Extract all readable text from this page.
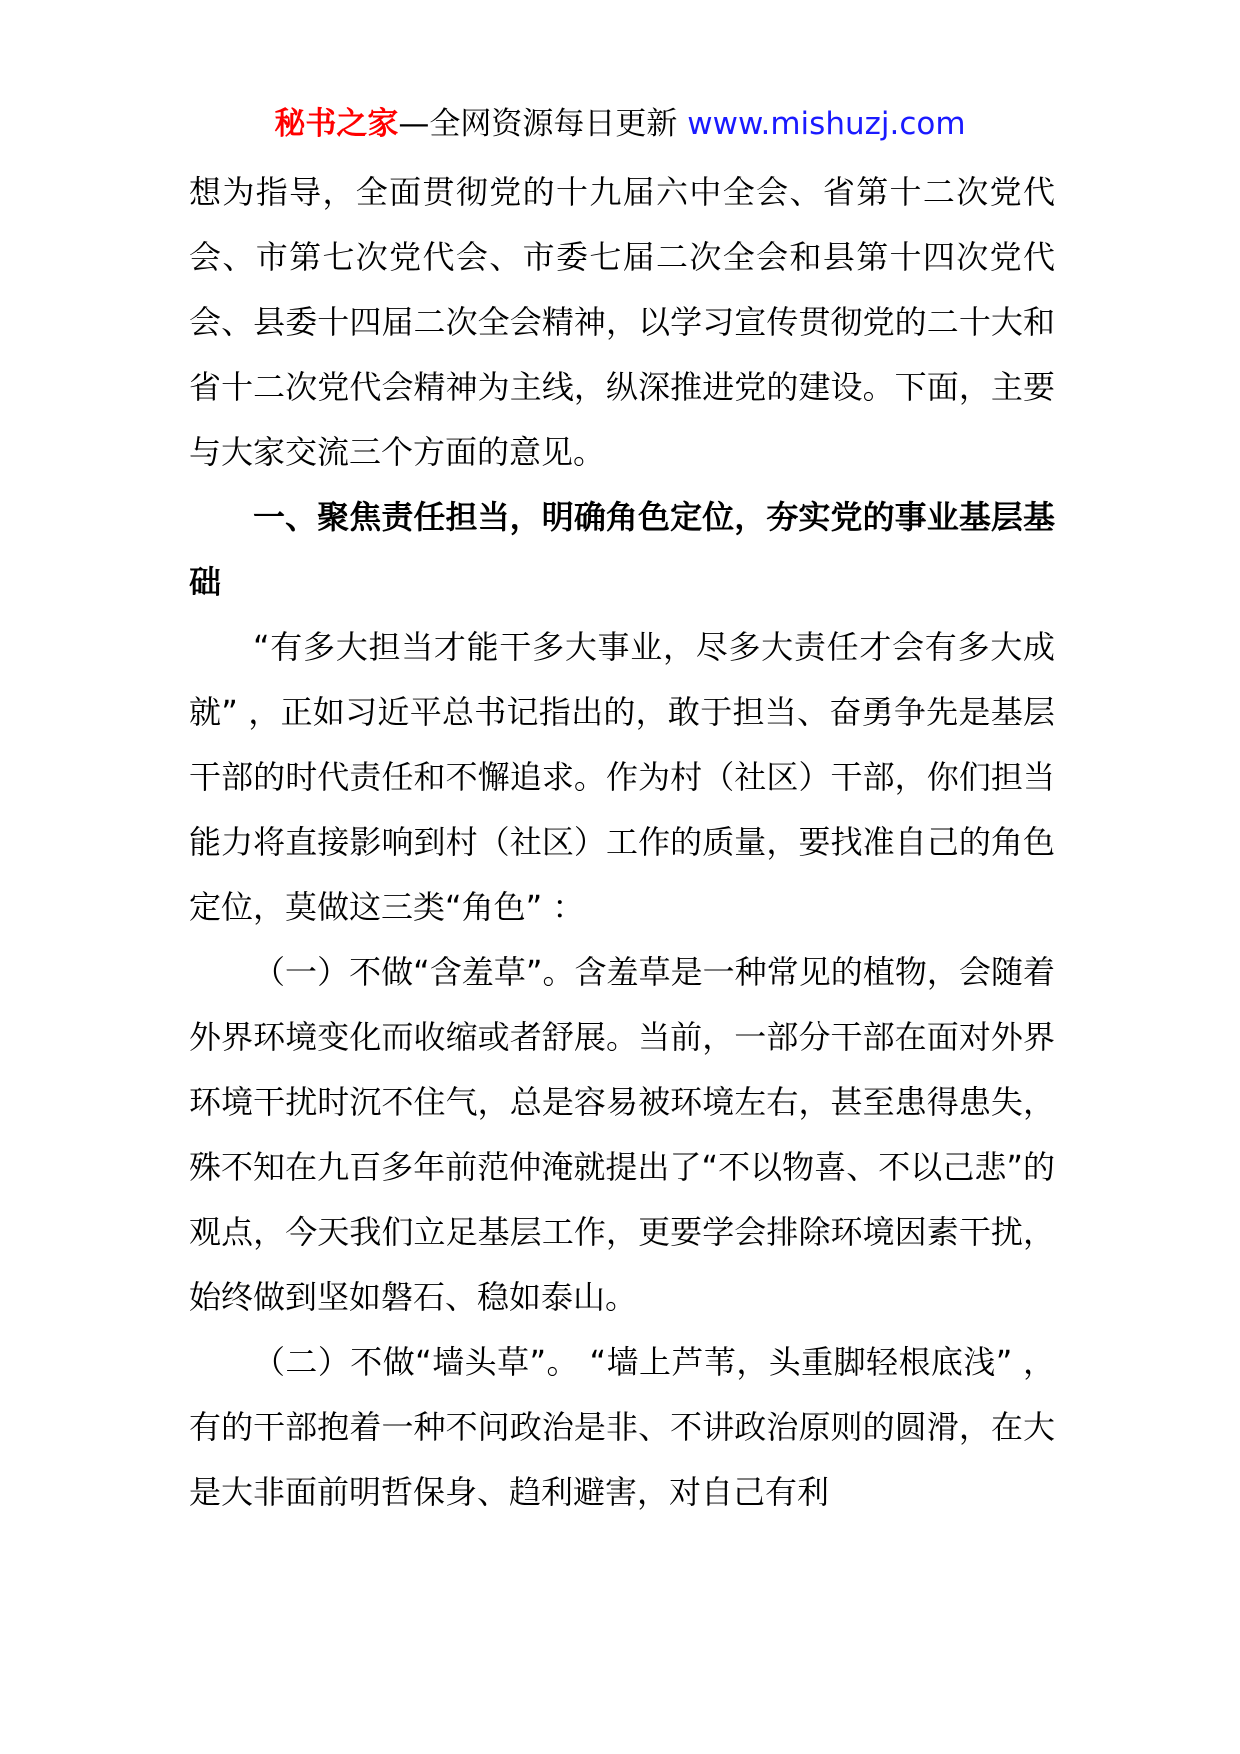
秘书之家—全网资源每日更新 www.mishuzj.com

想为指导，全面贯彻党的十九届六中全会、省第十二次党代会、市第七次党代会、市委七届二次全会和县第十四次党代会、县委十四届二次全会精神，以学习宣传贯彻党的二十大和省十二次党代会精神为主线，纵深推进党的建设。下面，主要与大家交流三个方面的意见。

一、聚焦责任担当，明确角色定位，夯实党的事业基层基础

“有多大担当才能干多大事业，尽多大责任才会有多大成就” ，正如习近平总书记指出的，敢于担当、奋勇争先是基层干部的时代责任和不懈追求。作为村（社区）干部，你们担当能力将直接影响到村（社区）工作的质量，要找准自己的角色定位，莫做这三类“角色” ：

（一）不做“含羞草”。含羞草是一种常见的植物，会随着外界环境变化而收缩或者舒展。当前，一部分干部在面对外界环境干扰时沉不住气，总是容易被环境左右，甚至患得患失，殊不知在九百多年前范仲淹就提出了“不以物喜、不以己悲”的观点，今天我们立足基层工作，更要学会排除环境因素干扰，始终做到坚如磐石、稳如泰山。

（二）不做“墙头草”。 “墙上芦苇，头重脚轻根底浅” ，有的干部抱着一种不问政治是非、不讲政治原则的圆滑，在大是大非面前明哲保身、趋利避害，对自己有利
